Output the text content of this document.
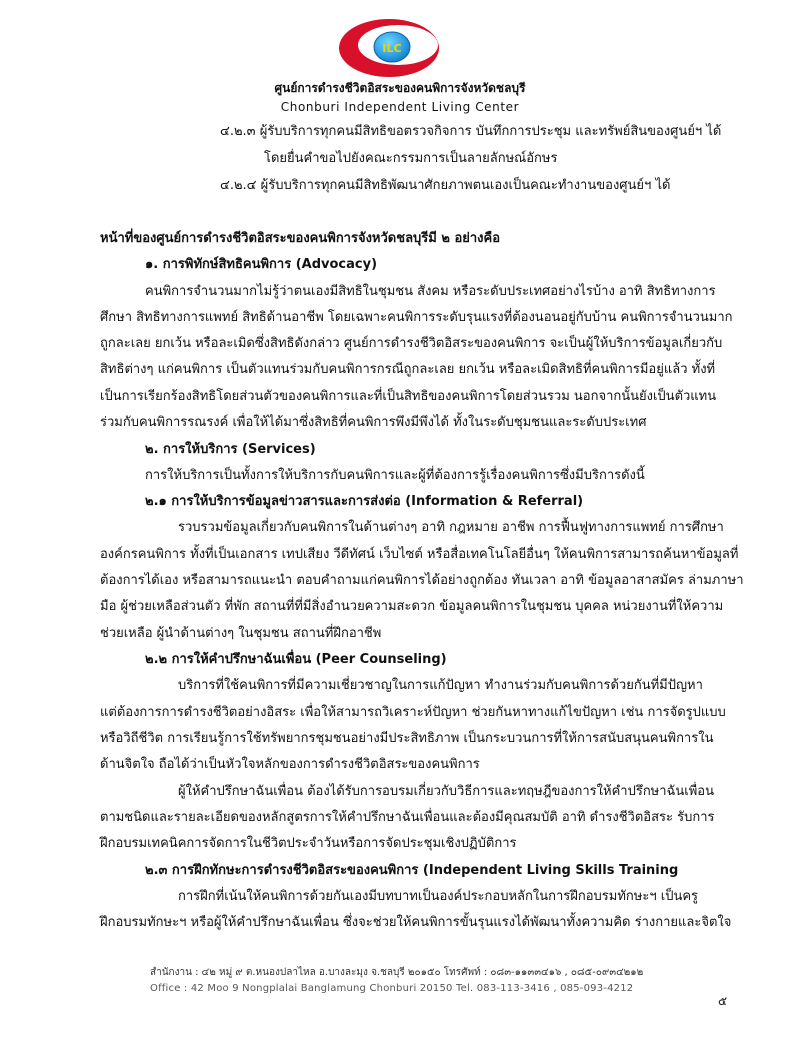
ILC
ศูนย์การดำรงชีวิตอิสระของคนพิการจังหวัดชลบุรี
Chonburi Independent Living Center
๔.๒.๓ ผู้รับบริการทุกคนมีสิทธิขอตรวจกิจการ บันทึกการประชุม และทรัพย์สินของศูนย์ฯ ได้
โดยยื่นคำขอไปยังคณะกรรมการเป็นลายลักษณ์อักษร
๔.๒.๔ ผู้รับบริการทุกคนมีสิทธิพัฒนาศักยภาพตนเองเป็นคณะทำงานของศูนย์ฯ ได้
หน้าที่ของศูนย์การดำรงชีวิตอิสระของคนพิการจังหวัดชลบุรีมี ๒ อย่างคือ
๑. การพิทักษ์สิทธิคนพิการ (Advocacy)
คนพิการจำนวนมากไม่รู้ว่าตนเองมีสิทธิในชุมชน สังคม หรือระดับประเทศอย่างไรบ้าง อาทิ สิทธิทางการ
ศึกษา สิทธิทางการแพทย์ สิทธิด้านอาชีพ โดยเฉพาะคนพิการระดับรุนแรงที่ต้องนอนอยู่กับบ้าน คนพิการจำนวนมาก
ถูกละเลย ยกเว้น หรือละเมิดซึ่งสิทธิดังกล่าว ศูนย์การดำรงชีวิตอิสระของคนพิการ จะเป็นผู้ให้บริการข้อมูลเกี่ยวกับ
สิทธิต่างๆ แก่คนพิการ เป็นตัวแทนร่วมกับคนพิการกรณีถูกละเลย ยกเว้น หรือละเมิดสิทธิที่คนพิการมีอยู่แล้ว ทั้งที่
เป็นการเรียกร้องสิทธิโดยส่วนตัวของคนพิการและที่เป็นสิทธิของคนพิการโดยส่วนรวม นอกจากนั้นยังเป็นตัวแทน
ร่วมกับคนพิการรณรงค์ เพื่อให้ได้มาซึ่งสิทธิที่คนพิการพึงมีพึงได้ ทั้งในระดับชุมชนและระดับประเทศ
๒. การให้บริการ (Services)
การให้บริการเป็นทั้งการให้บริการกับคนพิการและผู้ที่ต้องการรู้เรื่องคนพิการซึ่งมีบริการดังนี้
๒.๑ การให้บริการข้อมูลข่าวสารและการส่งต่อ (Information & Referral)
รวบรวมข้อมูลเกี่ยวกับคนพิการในด้านต่างๆ อาทิ กฎหมาย อาชีพ การฟื้นฟูทางการแพทย์ การศึกษา
องค์กรคนพิการ ทั้งที่เป็นเอกสาร เทปเสียง วีดีทัศน์ เว็บไซต์ หรือสื่อเทคโนโลยีอื่นๆ ให้คนพิการสามารถค้นหาข้อมูลที่
ต้องการได้เอง หรือสามารถแนะนำ ตอบคำถามแก่คนพิการได้อย่างถูกต้อง ทันเวลา อาทิ ข้อมูลอาสาสมัคร ล่ามภาษา
มือ ผู้ช่วยเหลือส่วนตัว ที่พัก สถานที่ที่มีสิ่งอำนวยความสะดวก ข้อมูลคนพิการในชุมชน บุคคล หน่วยงานที่ให้ความ
ช่วยเหลือ ผู้นำด้านต่างๆ ในชุมชน สถานที่ฝึกอาชีพ
๒.๒ การให้คำปรึกษาฉันเพื่อน (Peer Counseling)
บริการที่ใช้คนพิการที่มีความเชี่ยวชาญในการแก้ปัญหา ทำงานร่วมกับคนพิการด้วยกันที่มีปัญหา
แต่ต้องการการดำรงชีวิตอย่างอิสระ เพื่อให้สามารถวิเคราะห์ปัญหา ช่วยกันหาทางแก้ไขปัญหา เช่น การจัดรูปแบบ
หรือวิถีชีวิต การเรียนรู้การใช้ทรัพยากรชุมชนอย่างมีประสิทธิภาพ เป็นกระบวนการที่ให้การสนับสนุนคนพิการใน
ด้านจิตใจ ถือได้ว่าเป็นหัวใจหลักของการดำรงชีวิตอิสระของคนพิการ
ผู้ให้คำปรึกษาฉันเพื่อน ต้องได้รับการอบรมเกี่ยวกับวิธีการและทฤษฎีของการให้คำปรึกษาฉันเพื่อน
ตามชนิดและรายละเอียดของหลักสูตรการให้คำปรึกษาฉันเพื่อนและต้องมีคุณสมบัติ อาทิ ดำรงชีวิตอิสระ รับการ
ฝึกอบรมเทคนิคการจัดการในชีวิตประจำวันหรือการจัดประชุมเชิงปฏิบัติการ
๒.๓ การฝึกทักษะการดำรงชีวิตอิสระของคนพิการ (Independent Living Skills Training
การฝึกที่เน้นให้คนพิการด้วยกันเองมีบทบาทเป็นองค์ประกอบหลักในการฝึกอบรมทักษะฯ เป็นครู
ฝึกอบรมทักษะฯ หรือผู้ให้คำปรึกษาฉันเพื่อน ซึ่งจะช่วยให้คนพิการขั้นรุนแรงได้พัฒนาทั้งความคิด ร่างกายและจิตใจ
สำนักงาน : ๔๒ หมู่ ๙ ต.หนองปลาไหล อ.บางละมุง จ.ชลบุรี ๒๐๑๕๐ โทรศัพท์ : ๐๘๓-๑๑๓๓๔๑๖ , ๐๘๕-๐๙๓๔๒๑๒
Office : 42 Moo 9 Nongplalai Banglamung Chonburi 20150 Tel. 083-113-3416 , 085-093-4212
๕
